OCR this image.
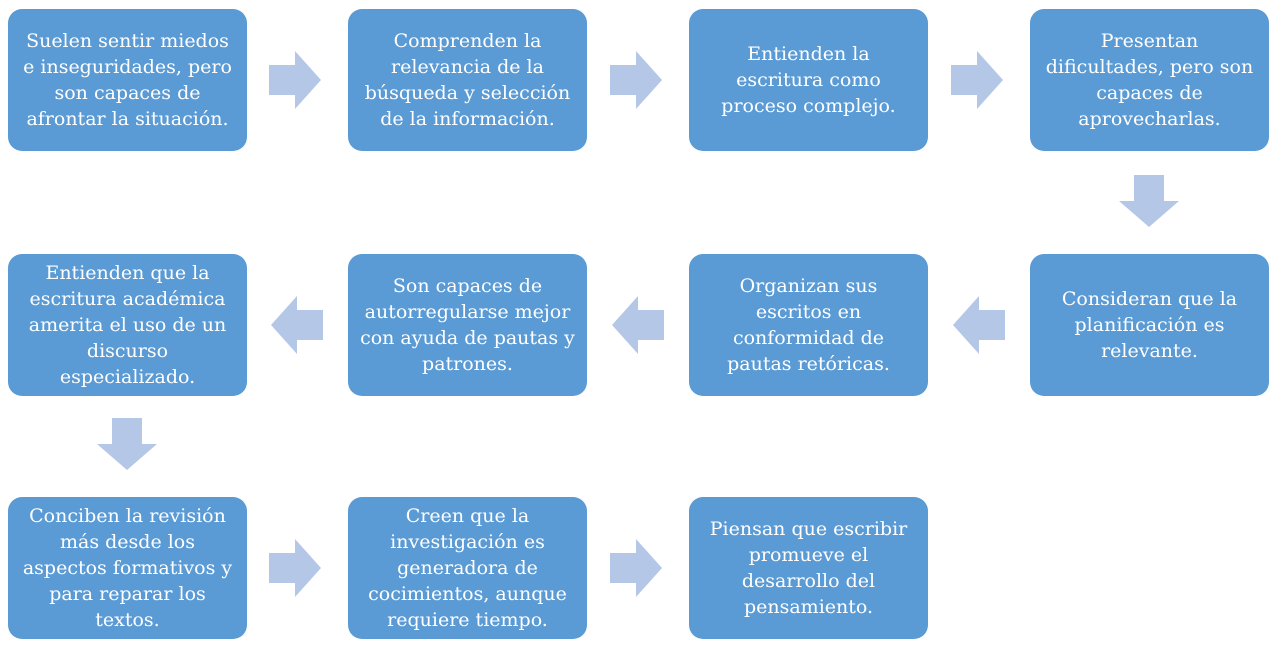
Suelen sentir miedos e inseguridades, pero son capaces de afrontar la situación.
Comprenden la relevancia de la búsqueda y selección de la información.
Entienden la escritura como proceso complejo.
Presentan dificultades, pero son capaces de aprovecharlas.
Entienden que la escritura académica amerita el uso de un discurso especializado.
Son capaces de autorregularse mejor con ayuda de pautas y patrones.
Organizan sus escritos en conformidad de pautas retóricas.
Consideran que la planificación es relevante.
Conciben la revisión más desde los aspectos formativos y para reparar los textos.
Creen que la investigación es generadora de cocimientos, aunque requiere tiempo.
Piensan que escribir promueve el desarrollo del pensamiento.
